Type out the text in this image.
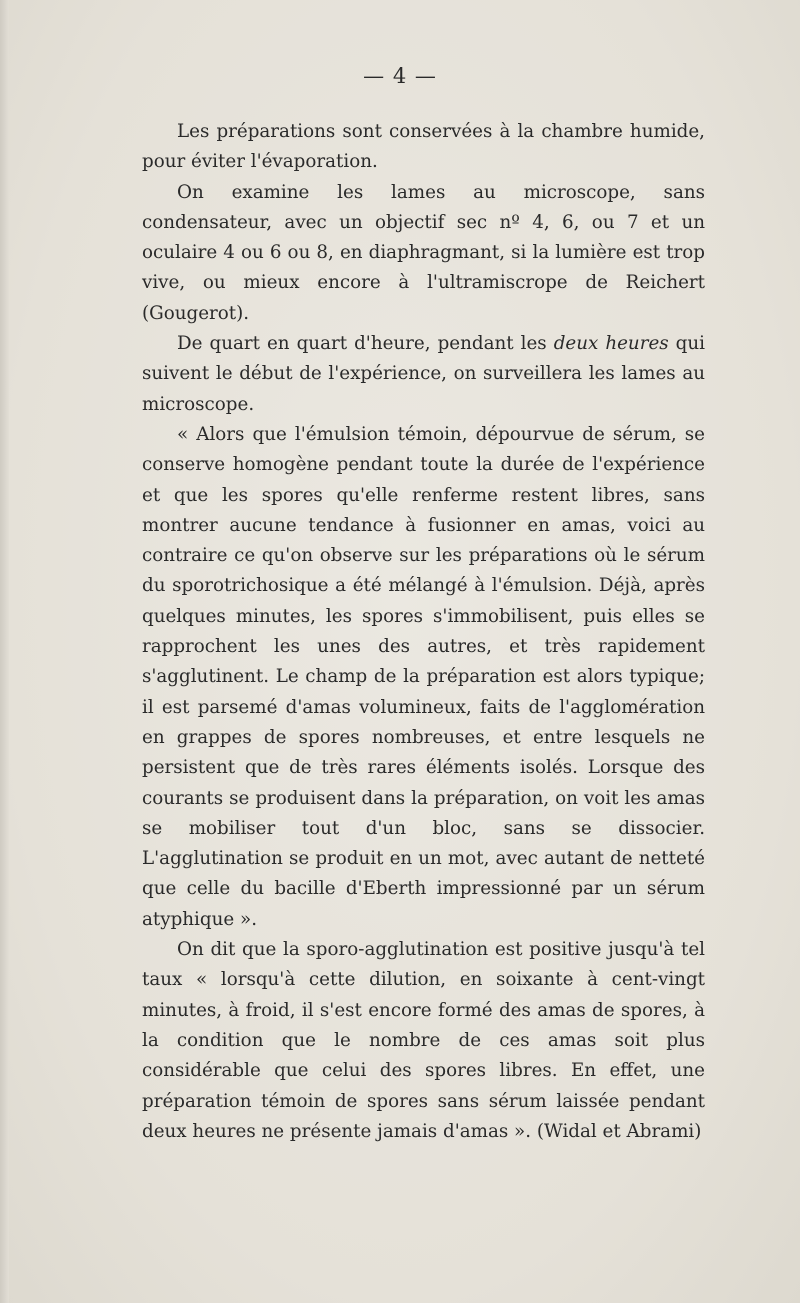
— 4 —

Les préparations sont conservées à la chambre humide, pour éviter l'évaporation.

On examine les lames au microscope, sans condensateur, avec un objectif sec nº 4, 6, ou 7 et un oculaire 4 ou 6 ou 8, en diaphragmant, si la lumière est trop vive, ou mieux encore à l'ultramiscrope de Reichert (Gougerot).

De quart en quart d'heure, pendant les deux heures qui suivent le début de l'expérience, on surveillera les lames au microscope.

« Alors que l'émulsion témoin, dépourvue de sérum, se conserve homogène pendant toute la durée de l'expérience et que les spores qu'elle renferme restent libres, sans montrer aucune tendance à fusionner en amas, voici au contraire ce qu'on observe sur les préparations où le sérum du sporotrichosique a été mélangé à l'émulsion. Déjà, après quelques minutes, les spores s'immobilisent, puis elles se rapprochent les unes des autres, et très rapidement s'agglutinent. Le champ de la préparation est alors typique; il est parsemé d'amas volumineux, faits de l'agglomération en grappes de spores nombreuses, et entre lesquels ne persistent que de très rares éléments isolés. Lorsque des courants se produisent dans la préparation, on voit les amas se mobiliser tout d'un bloc, sans se dissocier. L'agglutination se produit en un mot, avec autant de netteté que celle du bacille d'Eberth impressionné par un sérum atyphique ».

On dit que la sporo-agglutination est positive jusqu'à tel taux « lorsqu'à cette dilution, en soixante à cent-vingt minutes, à froid, il s'est encore formé des amas de spores, à la condition que le nombre de ces amas soit plus considérable que celui des spores libres. En effet, une préparation témoin de spores sans sérum laissée pendant deux heures ne présente jamais d'amas ». (Widal et Abrami)
